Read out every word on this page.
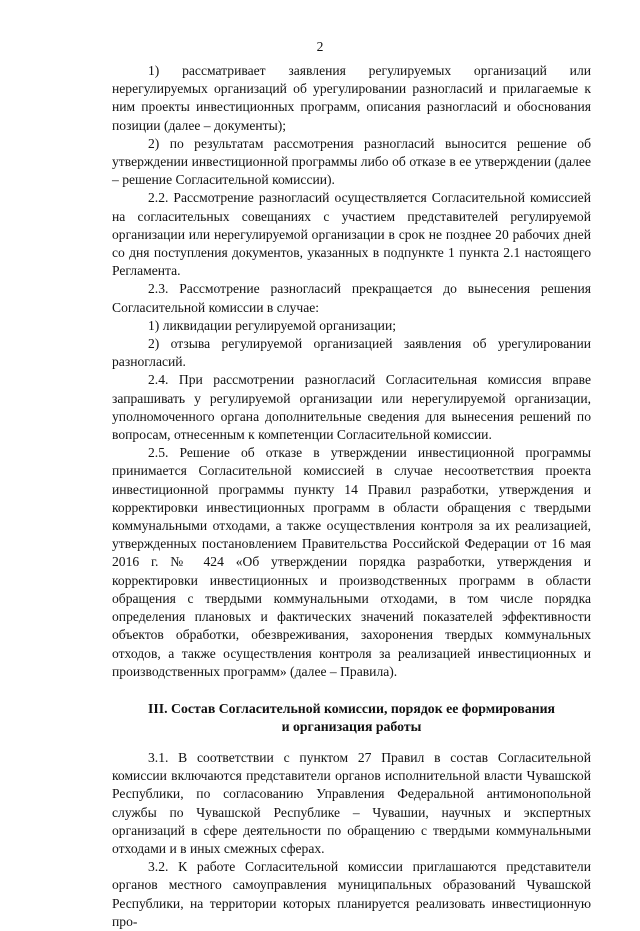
2

1) рассматривает заявления регулируемых организаций или нерегулируемых организаций об урегулировании разногласий и прилагаемые к ним проекты инвестиционных программ, описания разногласий и обоснования позиции (далее – документы);

2) по результатам рассмотрения разногласий выносится решение об утверждении инвестиционной программы либо об отказе в ее утверждении (далее – решение Согласительной комиссии).

2.2. Рассмотрение разногласий осуществляется Согласительной комиссией на согласительных совещаниях с участием представителей регулируемой организации или нерегулируемой организации в срок не позднее 20 рабочих дней со дня поступления документов, указанных в подпункте 1 пункта 2.1 настоящего Регламента.

2.3. Рассмотрение разногласий прекращается до вынесения решения Согласительной комиссии в случае:

1) ликвидации регулируемой организации;

2) отзыва регулируемой организацией заявления об урегулировании разногласий.

2.4. При рассмотрении разногласий Согласительная комиссия вправе запрашивать у регулируемой организации или нерегулируемой организации, уполномоченного органа дополнительные сведения для вынесения решений по вопросам, отнесенным к компетенции Согласительной комиссии.

2.5. Решение об отказе в утверждении инвестиционной программы принимается Согласительной комиссией в случае несоответствия проекта инвестиционной программы пункту 14 Правил разработки, утверждения и корректировки инвестиционных программ в области обращения с твердыми коммунальными отходами, а также осуществления контроля за их реализацией, утвержденных постановлением Правительства Российской Федерации от 16 мая 2016 г. № 424 «Об утверждении порядка разработки, утверждения и корректировки инвестиционных и производственных программ в области обращения с твердыми коммунальными отходами, в том числе порядка определения плановых и фактических значений показателей эффективности объектов обработки, обезвреживания, захоронения твердых коммунальных отходов, а также осуществления контроля за реализацией инвестиционных и производственных программ» (далее – Правила).

III. Состав Согласительной комиссии, порядок ее формирования
и организация работы

3.1. В соответствии с пунктом 27 Правил в состав Согласительной комиссии включаются представители органов исполнительной власти Чувашской Республики, по согласованию Управления Федеральной антимонопольной службы по Чувашской Республике – Чувашии, научных и экспертных организаций в сфере деятельности по обращению с твердыми коммунальными отходами и в иных смежных сферах.

3.2. К работе Согласительной комиссии приглашаются представители органов местного самоуправления муниципальных образований Чувашской Республики, на территории которых планируется реализовать инвестиционную про-
